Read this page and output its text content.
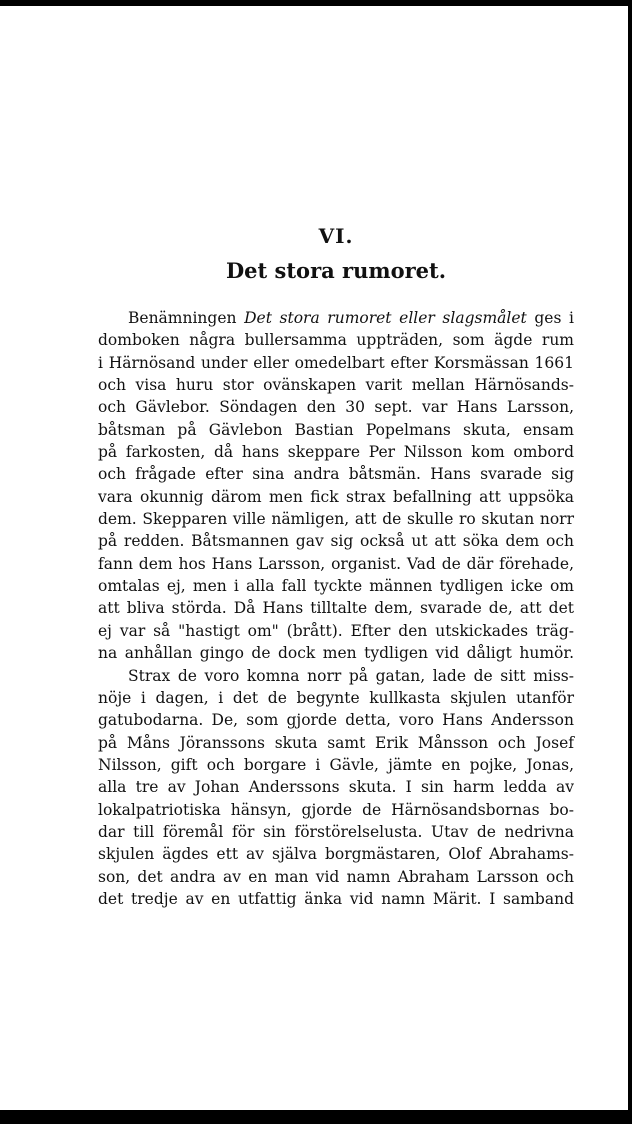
VI.
Det stora rumoret.
Benämningen Det stora rumoret eller slagsmålet ges i
domboken några bullersamma uppträden, som ägde rum
i Härnösand under eller omedelbart efter Korsmässan 1661
och visa huru stor ovänskapen varit mellan Härnösands-
och Gävlebor. Söndagen den 30 sept. var Hans Larsson,
båtsman på Gävlebon Bastian Popelmans skuta, ensam
på farkosten, då hans skeppare Per Nilsson kom ombord
och frågade efter sina andra båtsmän. Hans svarade sig
vara okunnig därom men fick strax befallning att uppsöka
dem. Skepparen ville nämligen, att de skulle ro skutan norr
på redden. Båtsmannen gav sig också ut att söka dem och
fann dem hos Hans Larsson, organist. Vad de där förehade,
omtalas ej, men i alla fall tyckte männen tydligen icke om
att bliva störda. Då Hans tilltalte dem, svarade de, att det
ej var så "hastigt om" (brått). Efter den utskickades träg-
na anhållan gingo de dock men tydligen vid dåligt humör.
Strax de voro komna norr på gatan, lade de sitt miss-
nöje i dagen, i det de begynte kullkasta skjulen utanför
gatubodarna. De, som gjorde detta, voro Hans Andersson
på Måns Jöranssons skuta samt Erik Månsson och Josef
Nilsson, gift och borgare i Gävle, jämte en pojke, Jonas,
alla tre av Johan Anderssons skuta. I sin harm ledda av
lokalpatriotiska hänsyn, gjorde de Härnösandsbornas bo-
dar till föremål för sin förstörelselusta. Utav de nedrivna
skjulen ägdes ett av själva borgmästaren, Olof Abrahams-
son, det andra av en man vid namn Abraham Larsson och
det tredje av en utfattig änka vid namn Märit. I samband
